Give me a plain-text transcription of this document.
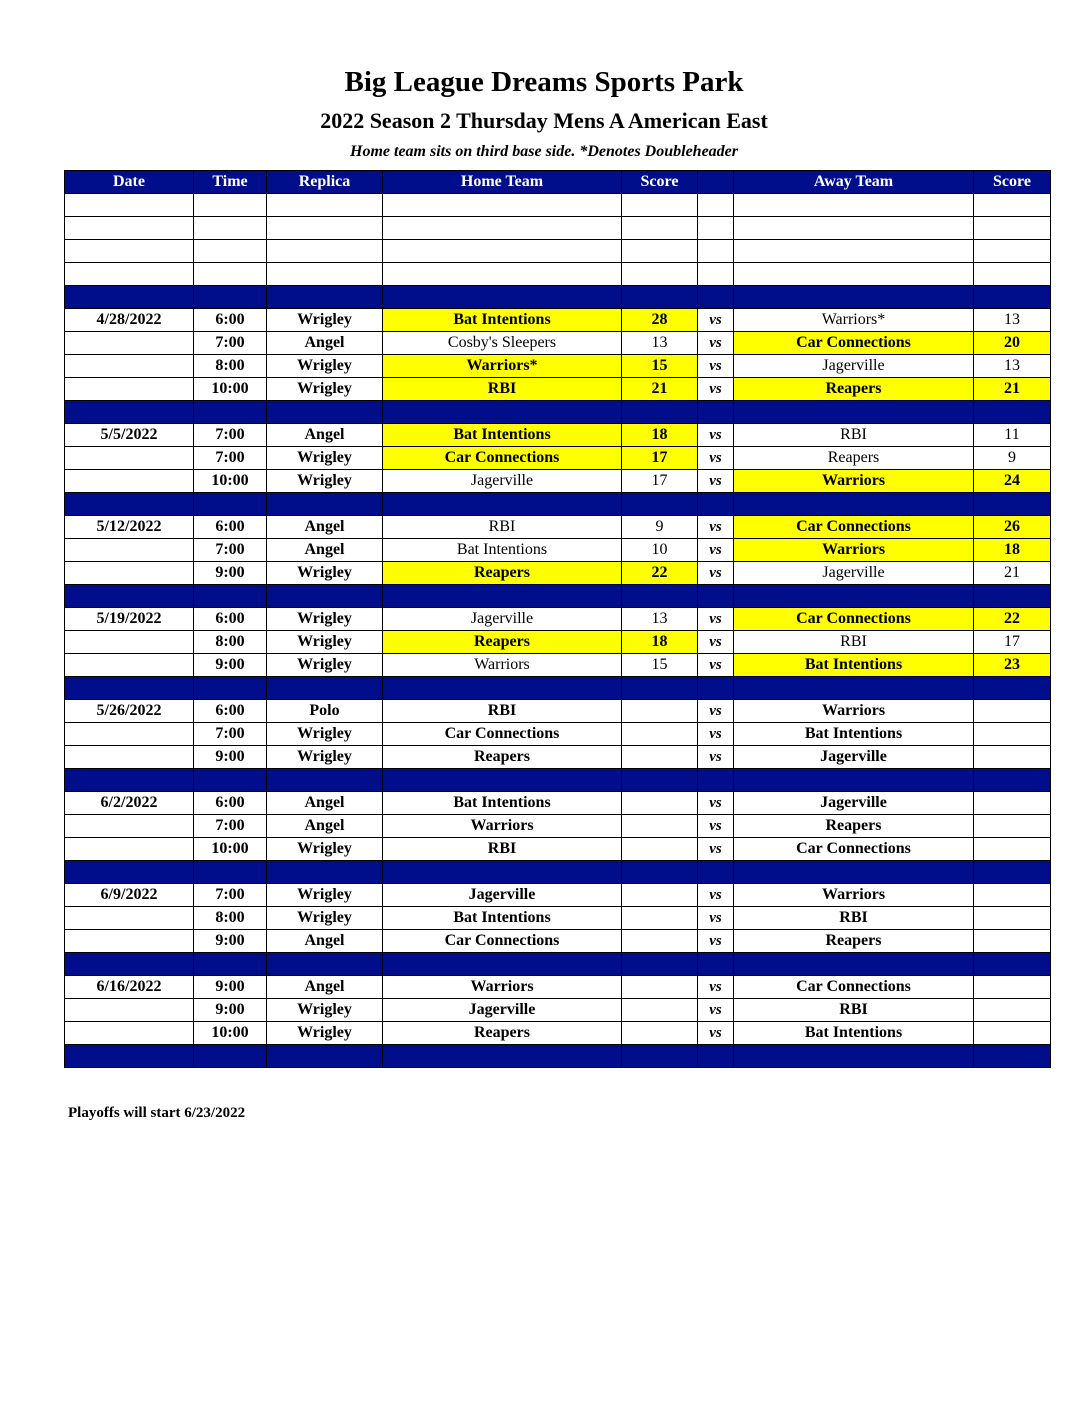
Big League Dreams Sports Park
2022 Season 2 Thursday Mens A American East
Home team sits on third base side. *Denotes Doubleheader
Date	Time	Replica	Home Team	Score		Away Team	Score

4/28/2022	6:00	Wrigley	Bat Intentions	28	vs	Warriors*	13
	7:00	Angel	Cosby's Sleepers	13	vs	Car Connections	20
	8:00	Wrigley	Warriors*	15	vs	Jagerville	13
	10:00	Wrigley	RBI	21	vs	Reapers	21

5/5/2022	7:00	Angel	Bat Intentions	18	vs	RBI	11
	7:00	Wrigley	Car Connections	17	vs	Reapers	9
	10:00	Wrigley	Jagerville	17	vs	Warriors	24

5/12/2022	6:00	Angel	RBI	9	vs	Car Connections	26
	7:00	Angel	Bat Intentions	10	vs	Warriors	18
	9:00	Wrigley	Reapers	22	vs	Jagerville	21

5/19/2022	6:00	Wrigley	Jagerville	13	vs	Car Connections	22
	8:00	Wrigley	Reapers	18	vs	RBI	17
	9:00	Wrigley	Warriors	15	vs	Bat Intentions	23

5/26/2022	6:00	Polo	RBI		vs	Warriors	
	7:00	Wrigley	Car Connections		vs	Bat Intentions	
	9:00	Wrigley	Reapers		vs	Jagerville	

6/2/2022	6:00	Angel	Bat Intentions		vs	Jagerville	
	7:00	Angel	Warriors		vs	Reapers	
	10:00	Wrigley	RBI		vs	Car Connections	

6/9/2022	7:00	Wrigley	Jagerville		vs	Warriors	
	8:00	Wrigley	Bat Intentions		vs	RBI	
	9:00	Angel	Car Connections		vs	Reapers	

6/16/2022	9:00	Angel	Warriors		vs	Car Connections	
	9:00	Wrigley	Jagerville		vs	RBI	
	10:00	Wrigley	Reapers		vs	Bat Intentions	

Playoffs will start 6/23/2022
